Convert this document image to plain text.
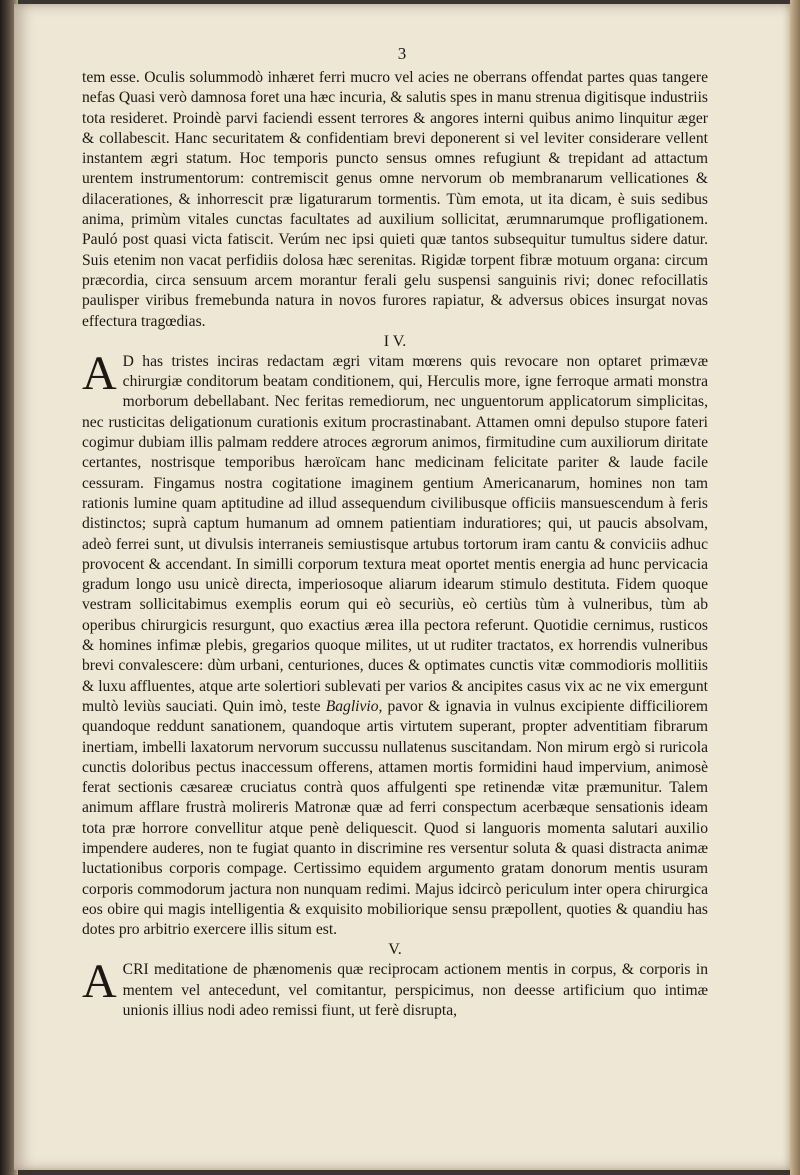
3

tem esse. Oculis solummodò inhæret ferri mucro vel acies ne oberrans offendat partes quas tangere nefas Quasi verò damnosa foret una hæc incuria, & salutis spes in manu strenua digitisque industriis tota resideret. Proindè parvi faciendi essent terrores & angores interni quibus animo linquitur æger & collabescit. Hanc securitatem & confidentiam brevi deponerent si vel leviter considerare vellent instantem ægri statum. Hoc temporis puncto sensus omnes refugiunt & trepidant ad attactum urentem instrumentorum: contremiscit genus omne nervorum ob membranarum vellicationes & dilacerationes, & inhorrescit præ ligaturarum tormentis. Tùm emota, ut ita dicam, è suis sedibus anima, primùm vitales cunctas facultates ad auxilium sollicitat, ærumnarumque profligationem. Pauló post quasi victa fatiscit. Verúm nec ipsi quieti quæ tantos subsequitur tumultus sidere datur. Suis etenim non vacat perfidiis dolosa hæc serenitas. Rigidæ torpent fibræ motuum organa: circum præcordia, circa sensuum arcem morantur ferali gelu suspensi sanguinis rivi; donec refocillatis paulisper viribus fremebunda natura in novos furores rapiatur, & adversus obices insurgat novas effectura tragœdias.

I V.

A D has tristes inciras redactam ægri vitam mœrens quis revocare non optaret primævæ chirurgiæ conditorum beatam conditionem, qui, Herculis more, igne ferroque armati monstra morborum debellabant. Nec feritas remediorum, nec unguentorum applicatorum simplicitas, nec rusticitas deligationum curationis exitum procrastinabant. Attamen omni depulso stupore fateri cogimur dubiam illis palmam reddere atroces ægrorum animos, firmitudine cum auxiliorum diritate certantes, nostrisque temporibus hæroïcam hanc medicinam felicitate pariter & laude facile cessuram. Fingamus nostra cogitatione imaginem gentium Americanarum, homines non tam rationis lumine quam aptitudine ad illud assequendum civilibusque officiis mansuescendum à feris distinctos; suprà captum humanum ad omnem patientiam induratiores; qui, ut paucis absolvam, adeò ferrei sunt, ut divulsis interraneis semiustisque artubus tortorum iram cantu & conviciis adhuc provocent & accendant. In similli corporum textura meat oportet mentis energia ad hunc pervicacia gradum longo usu unicè directa, imperiosoque aliarum idearum stimulo destituta. Fidem quoque vestram sollicitabimus exemplis eorum qui eò securiùs, eò certiùs tùm à vulneribus, tùm ab operibus chirurgicis resurgunt, quo exactius ærea illa pectora referunt. Quotidie cernimus, rusticos & homines infimæ plebis, gregarios quoque milites, ut ut ruditer tractatos, ex horrendis vulneribus brevi convalescere: dùm urbani, centuriones, duces & optimates cunctis vitæ commodioris mollitiis & luxu affluentes, atque arte solertiori sublevati per varios & ancipites casus vix ac ne vix emergunt multò leviùs sauciati. Quin imò, teste Baglivio, pavor & ignavia in vulnus excipiente difficiliorem quandoque reddunt sanationem, quandoque artis virtutem superant, propter adventitiam fibrarum inertiam, imbelli laxatorum nervorum succussu nullatenus suscitandam. Non mirum ergò si ruricola cunctis doloribus pectus inaccessum offerens, attamen mortis formidini haud impervium, animosè ferat sectionis cæsareæ cruciatus contrà quos affulgenti spe retinendæ vitæ præmunitur. Talem animum afflare frustrà molireris Matronæ quæ ad ferri conspectum acerbæque sensationis ideam tota præ horrore convellitur atque penè deliquescit. Quod si languoris momenta salutari auxilio impendere auderes, non te fugiat quanto in discrimine res versentur soluta & quasi distracta animæ luctationibus corporis compage. Certissimo equidem argumento gratam donorum mentis usuram corporis commodorum jactura non nunquam redimi. Majus idcircò periculum inter opera chirurgica eos obire qui magis intelligentia & exquisito mobiliorique sensu præpollent, quoties & quandiu has dotes pro arbitrio exercere illis situm est.

V.

ACRI meditatione de phænomenis quæ reciprocam actionem mentis in corpus, & corporis in mentem vel antecedunt, vel comitantur, perspicimus, non deesse artificium quo intimæ unionis illius nodi adeo remissi fiunt, ut ferè disrupta,
